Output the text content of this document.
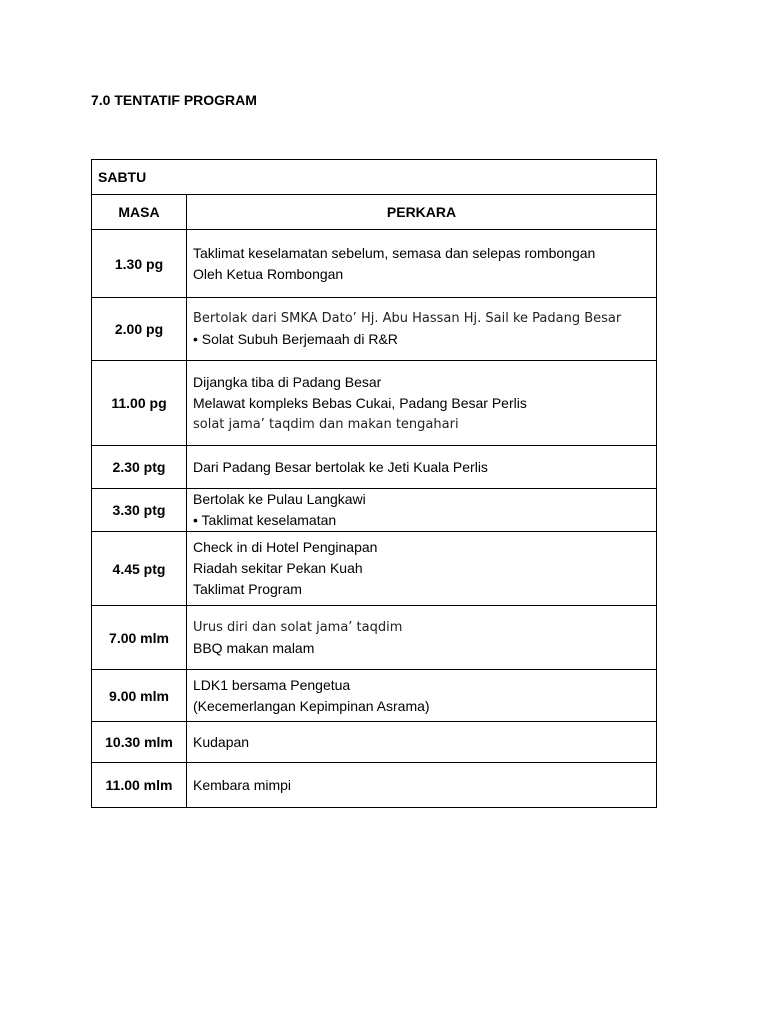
7.0 TENTATIF PROGRAM
SABTU	
MASA	PERKARA
1.30 pg	Taklimat keselamatan sebelum, semasa dan selepas rombongan
Oleh Ketua Rombongan

2.00 pg	Bertolak dari SMKA Dato’ Hj. Abu Hassan Hj. Sail ke Padang Besar
• Solat Subuh Berjemaah di R&R

11.00 pg	Dijangka tiba di Padang Besar
Melawat kompleks Bebas Cukai, Padang Besar Perlis
solat jama’ taqdim dan makan tengahari

2.30 ptg	Dari Padang Besar bertolak ke Jeti Kuala Perlis

3.30 ptg	Bertolak ke Pulau Langkawi
• Taklimat keselamatan

4.45 ptg	Check in di Hotel Penginapan
Riadah sekitar Pekan Kuah
Taklimat Program

7.00 mlm	Urus diri dan solat jama’ taqdim
BBQ makan malam

9.00 mlm	LDK1 bersama Pengetua
(Kecemerlangan Kepimpinan Asrama)

10.30 mlm	Kudapan

11.00 mlm	Kembara mimpi
